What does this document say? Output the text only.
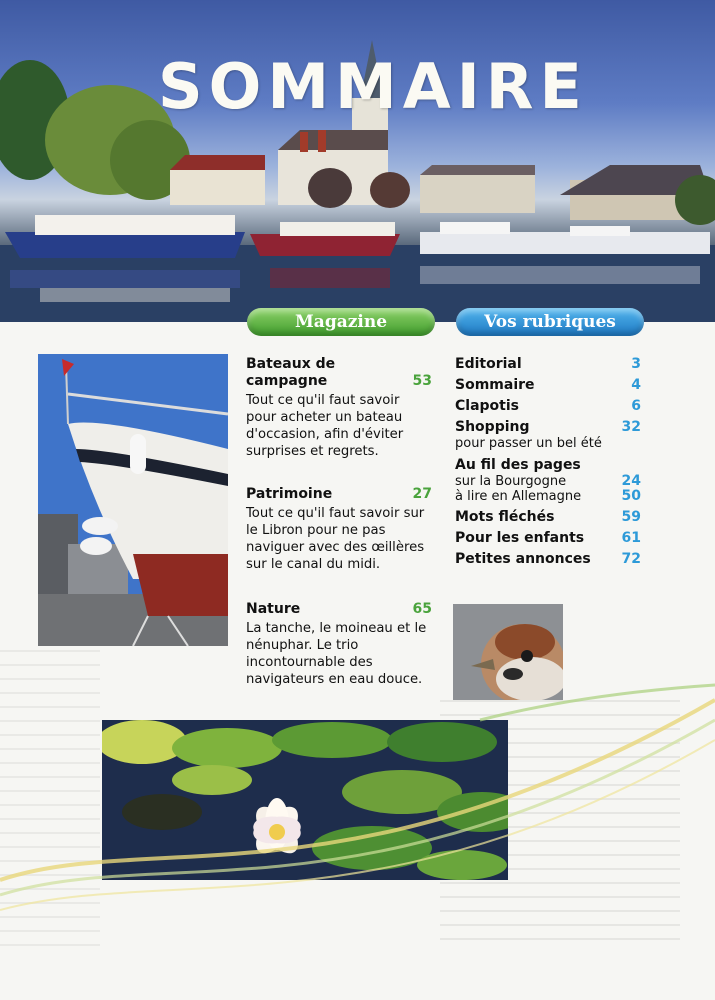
SOMMAIRE
Magazine	Vos rubriques
Bateaux de campagne	53
Tout ce qu'il faut savoir pour acheter un bateau d'occasion, afin d'éviter surprises et regrets.
Patrimoine	27
Tout ce qu'il faut savoir sur le Libron pour ne pas naviguer avec des œillères sur le canal du midi.
Nature	65
La tanche, le moineau et le nénuphar. Le trio incontournable des navigateurs en eau douce.
Editorial	3
Sommaire	4
Clapotis	6
Shopping	32
pour passer un bel été
Au fil des pages
sur la Bourgogne	24
à lire en Allemagne	50
Mots fléchés	59
Pour les enfants	61
Petites annonces	72
